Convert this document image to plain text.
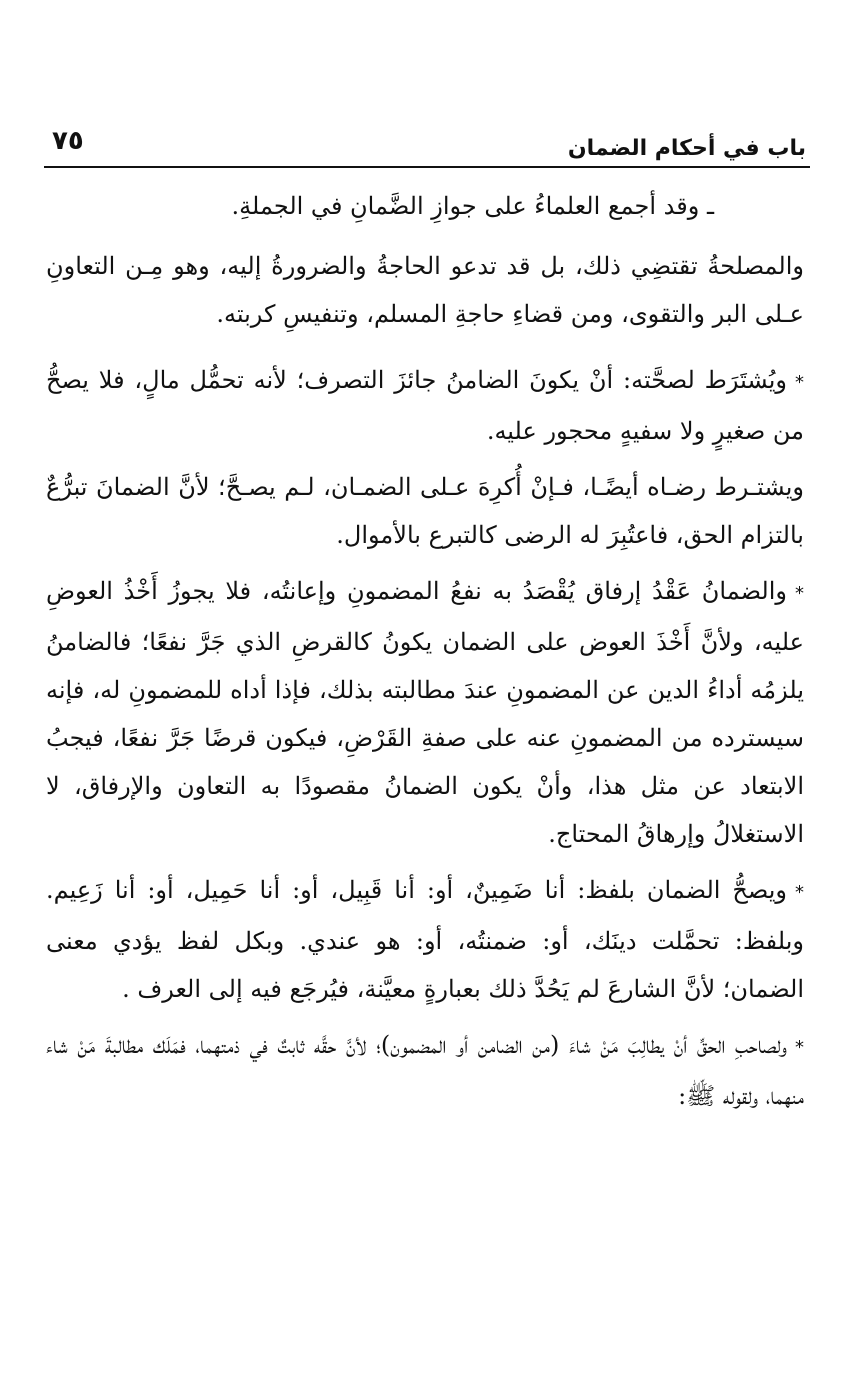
باب في أحكام الضمان
٧٥

ـ وقد أجمع العلماءُ على جوازِ الضَّمانِ في الجملةِ.

والمصلحةُ تقتضِي ذلك، بل قد تدعو الحاجةُ والضرورةُ إليه، وهو مِـن التعاونِ عـلى البر والتقوى، ومن قضاءِ حاجةِ المسلم، وتنفيسِ كربته.

*ويُشتَرَط لصحَّته: أنْ يكونَ الضامنُ جائزَ التصرف؛ لأنه تحمُّل مالٍ، فلا يصحُّ من صغيرٍ ولا سفيهٍ محجور عليه.

ويشتـرط رضـاه أيضًـا، فـإنْ أُكرِهَ عـلى الضمـان، لـم يصـحَّ؛ لأنَّ الضمانَ تبرُّعٌ بالتزام الحق، فاعتُبِرَ له الرضى كالتبرع بالأموال.

*والضمانُ عَقْدُ إرفاق يُقْصَدُ به نفعُ المضمونِ وإعانتُه، فلا يجوزُ أَخْذُ العوضِ عليه، ولأنَّ أَخْذَ العوض على الضمان يكونُ كالقرضِ الذي جَرَّ نفعًا؛ فالضامنُ يلزمُه أداءُ الدين عن المضمونِ عندَ مطالبته بذلك، فإذا أداه للمضمونِ له، فإنه سيسترده من المضمونِ عنه على صفةِ القَرْضِ، فيكون قرضًا جَرَّ نفعًا، فيجبُ الابتعاد عن مثل هذا، وأنْ يكون الضمانُ مقصودًا به التعاون والإرفاق، لا الاستغلالُ وإرهاقُ المحتاج.

*ويصحُّ الضمان بلفظ: أنا ضَمِينٌ، أو: أنا قَبِيل، أو: أنا حَمِيل، أو: أنا زَعِيم. وبلفظ: تحمَّلت دينَك، أو: ضمنتُه، أو: هو عندي. وبكل لفظ يؤدي معنى الضمان؛ لأنَّ الشارعَ لم يَحُدَّ ذلك بعبارةٍ معيَّنة، فيُرجَع فيه إلى العرف .

*ولصاحبِ الحقِّ أنْ يطالِبَ مَنْ شاءَ (من الضامن أو المضمون)؛ لأنَّ حقَّه ثابتٌ في ذمتهما، فمَلَك مطالبةَ مَنْ شاء منهما، ولقوله ﷺ:
